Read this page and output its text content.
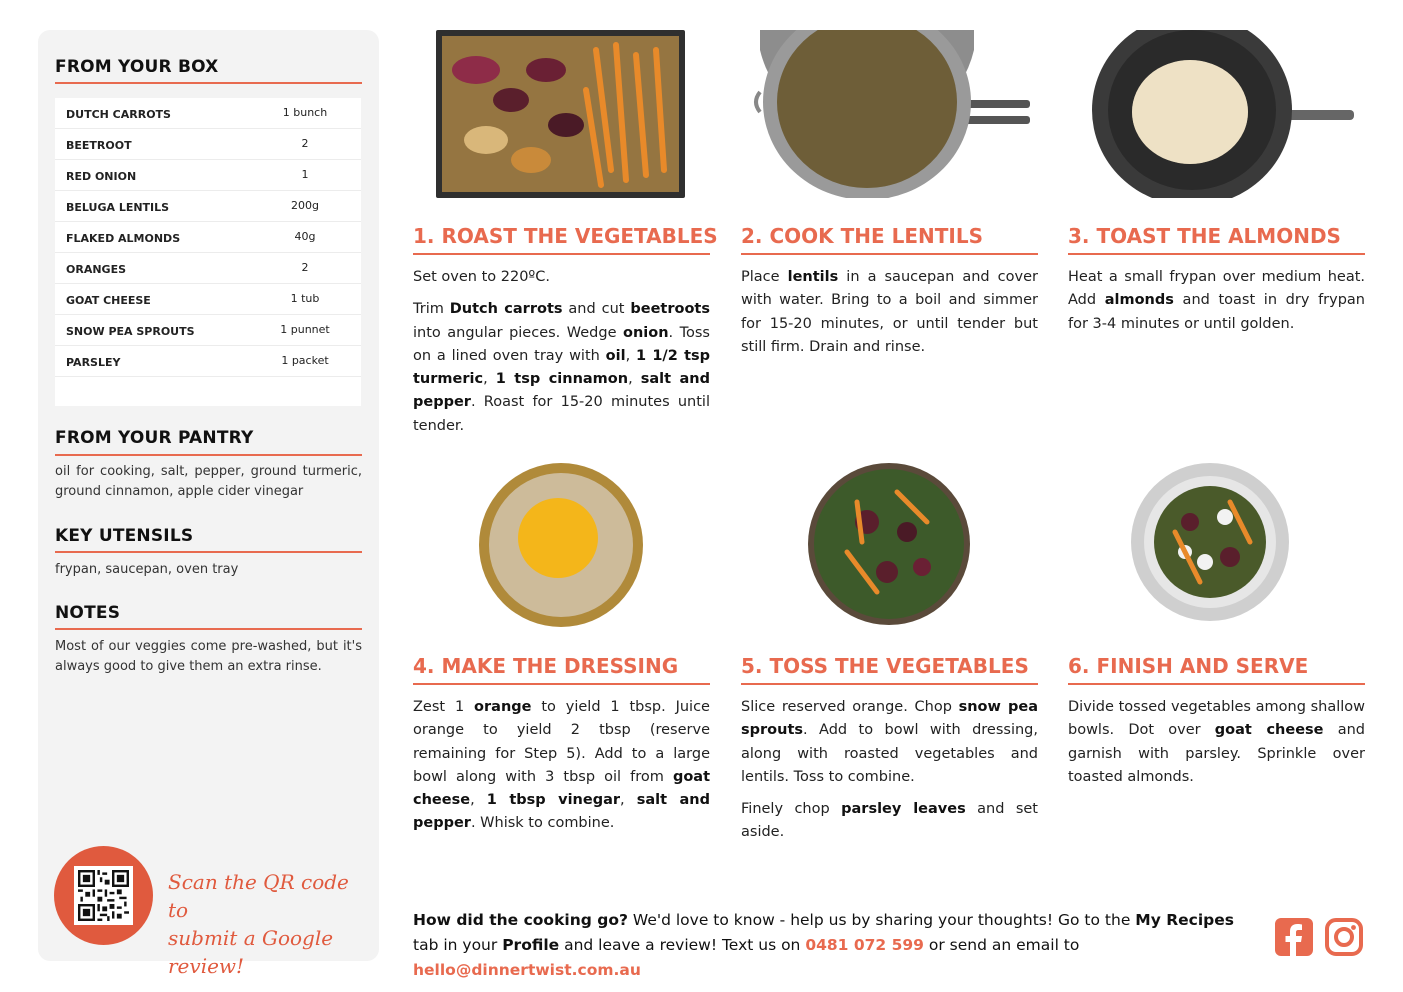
FROM YOUR BOX
DUTCH CARROTS	1 bunch
BEETROOT	2
RED ONION	1
BELUGA LENTILS	200g
FLAKED ALMONDS	40g
ORANGES	2
GOAT CHEESE	1 tub
SNOW PEA SPROUTS	1 punnet
PARSLEY	1 packet
FROM YOUR PANTRY
oil for cooking, salt, pepper, ground turmeric, ground cinnamon, apple cider vinegar
KEY UTENSILS
frypan, saucepan, oven tray
NOTES
Most of our veggies come pre-washed, but it's always good to give them an extra rinse.
Scan the QR code to
submit a Google review!
1. ROAST THE VEGETABLES

Set oven to 220ºC.

Trim Dutch carrots and cut beetroots into angular pieces. Wedge onion. Toss on a lined oven tray with oil, 1 1/2 tsp turmeric, 1 tsp cinnamon, salt and pepper. Roast for 15-20 minutes until tender.

2. COOK THE LENTILS

Place lentils in a saucepan and cover with water. Bring to a boil and simmer for 15-20 minutes, or until tender but still firm. Drain and rinse.

3. TOAST THE ALMONDS

Heat a small frypan over medium heat. Add almonds and toast in dry frypan for 3-4 minutes or until golden.

4. MAKE THE DRESSING

Zest 1 orange to yield 1 tbsp. Juice orange to yield 2 tbsp (reserve remaining for Step 5). Add to a large bowl along with 3 tbsp oil from goat cheese, 1 tbsp vinegar, salt and pepper. Whisk to combine.

5. TOSS THE VEGETABLES

Slice reserved orange. Chop snow pea sprouts. Add to bowl with dressing, along with roasted vegetables and lentils. Toss to combine.

Finely chop parsley leaves and set aside.

6. FINISH AND SERVE

Divide tossed vegetables among shallow bowls. Dot over goat cheese and garnish with parsley. Sprinkle over toasted almonds.

How did the cooking go? We'd love to know - help us by sharing your thoughts! Go to the My Recipes tab in your Profile and leave a review! Text us on 0481 072 599 or send an email to hello@dinnertwist.com.au
